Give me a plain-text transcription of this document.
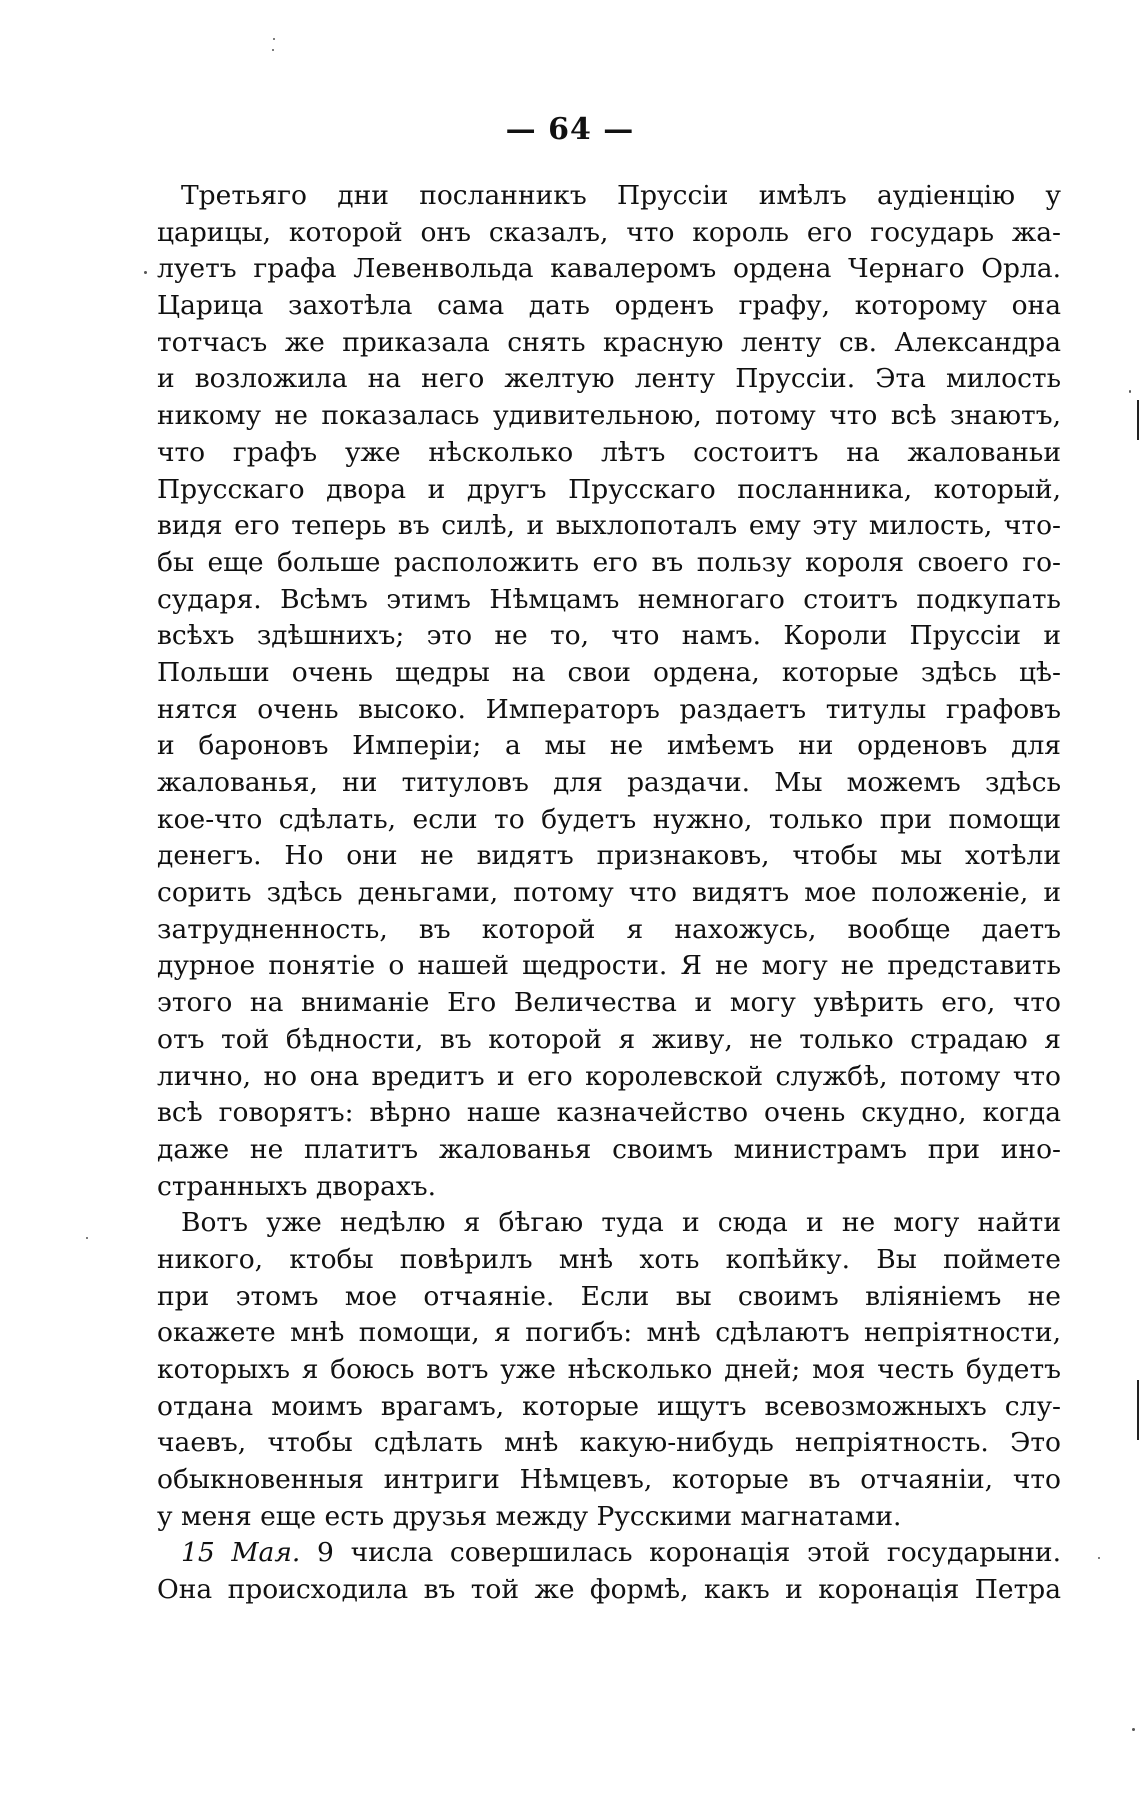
— 64 —
Третьяго дни посланникъ Пруссіи имѣлъ аудіенцію у
царицы, которой онъ сказалъ, что король его государь жа-
луетъ графа Левенвольда кавалеромъ ордена Чернаго Орла.
Царица захотѣла сама дать орденъ графу, которому она
тотчасъ же приказала снять красную ленту св. Александра
и возложила на него желтую ленту Пруссіи. Эта милость
никому не показалась удивительною, потому что всѣ знаютъ,
что графъ уже нѣсколько лѣтъ состоитъ на жалованьи
Прусскаго двора и другъ Прусскаго посланника, который,
видя его теперь въ силѣ, и выхлопоталъ ему эту милость, что-
бы еще больше расположить его въ пользу короля своего го-
сударя. Всѣмъ этимъ Нѣмцамъ немногаго стоитъ подкупать
всѣхъ здѣшнихъ; это не то, что намъ. Короли Пруссіи и
Польши очень щедры на свои ордена, которые здѣсь цѣ-
нятся очень высоко. Императоръ раздаетъ титулы графовъ
и бароновъ Имперіи; а мы не имѣемъ ни орденовъ для
жалованья, ни титуловъ для раздачи. Мы можемъ здѣсь
кое-что сдѣлать, если то будетъ нужно, только при помощи
денегъ. Но они не видятъ признаковъ, чтобы мы хотѣли
сорить здѣсь деньгами, потому что видятъ мое положеніе, и
затрудненность, въ которой я нахожусь, вообще даетъ
дурное понятіе о нашей щедрости. Я не могу не представить
этого на вниманіе Его Величества и могу увѣрить его, что
отъ той бѣдности, въ которой я живу, не только страдаю я
лично, но она вредитъ и его королевской службѣ, потому что
всѣ говорятъ: вѣрно наше казначейство очень скудно, когда
даже не платитъ жалованья своимъ министрамъ при ино-
странныхъ дворахъ.
Вотъ уже недѣлю я бѣгаю туда и сюда и не могу найти
никого, ктобы повѣрилъ мнѣ хоть копѣйку. Вы поймете
при этомъ мое отчаяніе. Если вы своимъ вліяніемъ не
окажете мнѣ помощи, я погибъ: мнѣ сдѣлаютъ непріятности,
которыхъ я боюсь вотъ уже нѣсколько дней; моя честь будетъ
отдана моимъ врагамъ, которые ищутъ всевозможныхъ слу-
чаевъ, чтобы сдѣлать мнѣ какую-нибудь непріятность. Это
обыкновенныя интриги Нѣмцевъ, которые въ отчаяніи, что
у меня еще есть друзья между Русскими магнатами.
15 Мая. 9 числа совершилась коронація этой государыни.
Она происходила въ той же формѣ, какъ и коронація Петра
